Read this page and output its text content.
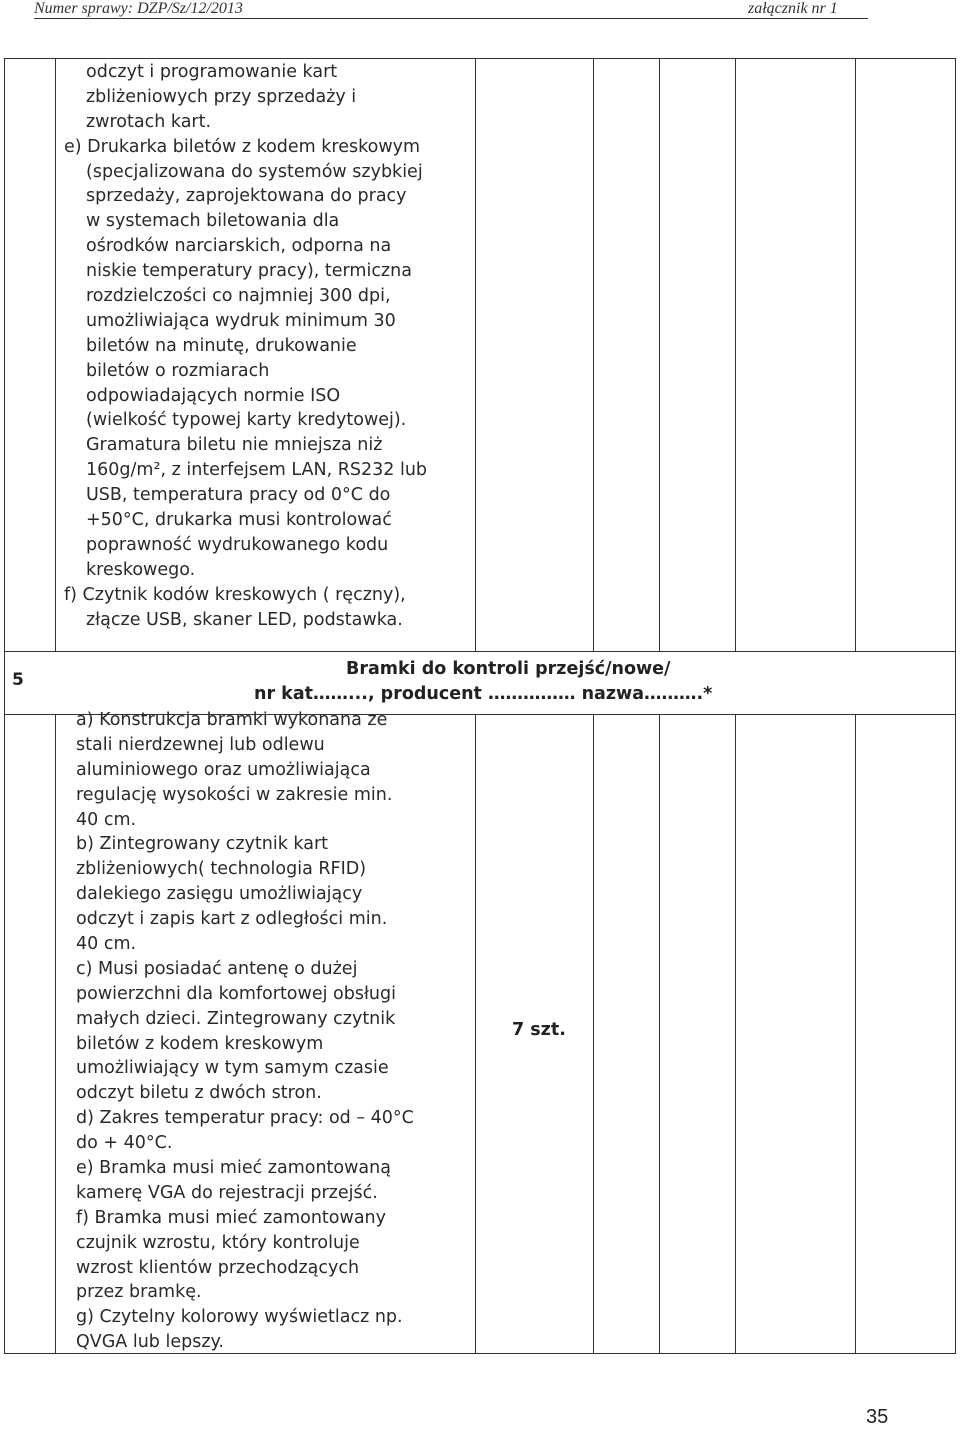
Numer sprawy: DZP/Sz/12/2013	załącznik nr 1
odczyt i programowanie kart
zbliżeniowych przy sprzedaży i
zwrotach kart.
e) Drukarka biletów z kodem kreskowym
(specjalizowana do systemów szybkiej
sprzedaży, zaprojektowana do pracy
w systemach biletowania dla
ośrodków narciarskich, odporna na
niskie temperatury pracy), termiczna
rozdzielczości co najmniej 300 dpi,
umożliwiająca wydruk minimum 30
biletów na minutę, drukowanie
biletów o rozmiarach
odpowiadających normie ISO
(wielkość typowej karty kredytowej).
Gramatura biletu nie mniejsza niż
160g/m², z interfejsem LAN, RS232 lub
USB, temperatura pracy od 0°C do
+50°C, drukarka musi kontrolować
poprawność wydrukowanego kodu
kreskowego.
f) Czytnik kodów kreskowych ( ręczny),
złącze USB, skaner LED, podstawka.
5
Bramki do kontroli przejść/nowe/
nr kat……..., producent …………… nazwa……….*
a) Konstrukcja bramki wykonana ze
stali nierdzewnej lub odlewu
aluminiowego oraz umożliwiająca
regulację wysokości w zakresie min.
40 cm.
b) Zintegrowany czytnik kart
zbliżeniowych( technologia RFID)
dalekiego zasięgu umożliwiający
odczyt i zapis kart z odległości min.
40 cm.
c) Musi posiadać antenę o dużej
powierzchni dla komfortowej obsługi
małych dzieci. Zintegrowany czytnik
biletów z kodem kreskowym
umożliwiający w tym samym czasie
odczyt biletu z dwóch stron.
d) Zakres temperatur pracy: od – 40°C
do + 40°C.
e) Bramka musi mieć zamontowaną
kamerę VGA do rejestracji przejść.
f) Bramka musi mieć zamontowany
czujnik wzrostu, który kontroluje
wzrost klientów przechodzących
przez bramkę.
g) Czytelny kolorowy wyświetlacz np.
QVGA lub lepszy.
7 szt.
35
